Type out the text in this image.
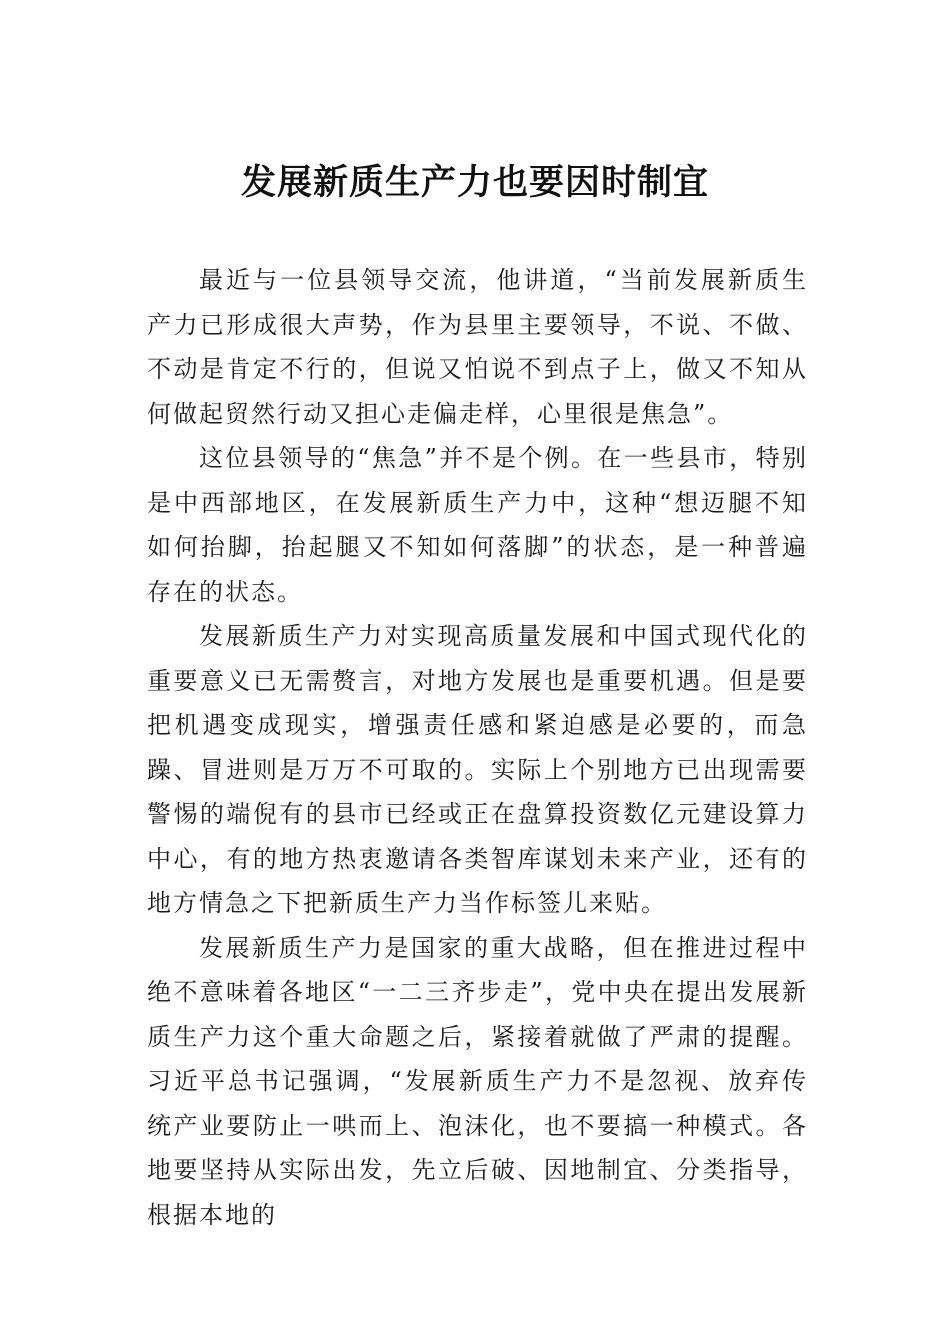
发展新质生产力也要因时制宜

最近与一位县领导交流，他讲道，“当前发展新质生产力已形成很大声势，作为县里主要领导，不说、不做、不动是肯定不行的，但说又怕说不到点子上，做又不知从何做起贸然行动又担心走偏走样，心里很是焦急”。

这位县领导的“焦急”并不是个例。在一些县市，特别是中西部地区，在发展新质生产力中，这种“想迈腿不知如何抬脚，抬起腿又不知如何落脚”的状态，是一种普遍存在的状态。

发展新质生产力对实现高质量发展和中国式现代化的重要意义已无需赘言，对地方发展也是重要机遇。但是要把机遇变成现实，增强责任感和紧迫感是必要的，而急躁、冒进则是万万不可取的。实际上个别地方已出现需要警惕的端倪有的县市已经或正在盘算投资数亿元建设算力中心，有的地方热衷邀请各类智库谋划未来产业，还有的地方情急之下把新质生产力当作标签儿来贴。

发展新质生产力是国家的重大战略，但在推进过程中绝不意味着各地区“一二三齐步走”，党中央在提出发展新质生产力这个重大命题之后，紧接着就做了严肃的提醒。习近平总书记强调，“发展新质生产力不是忽视、放弃传统产业要防止一哄而上、泡沫化，也不要搞一种模式。各地要坚持从实际出发，先立后破、因地制宜、分类指导，根据本地的
